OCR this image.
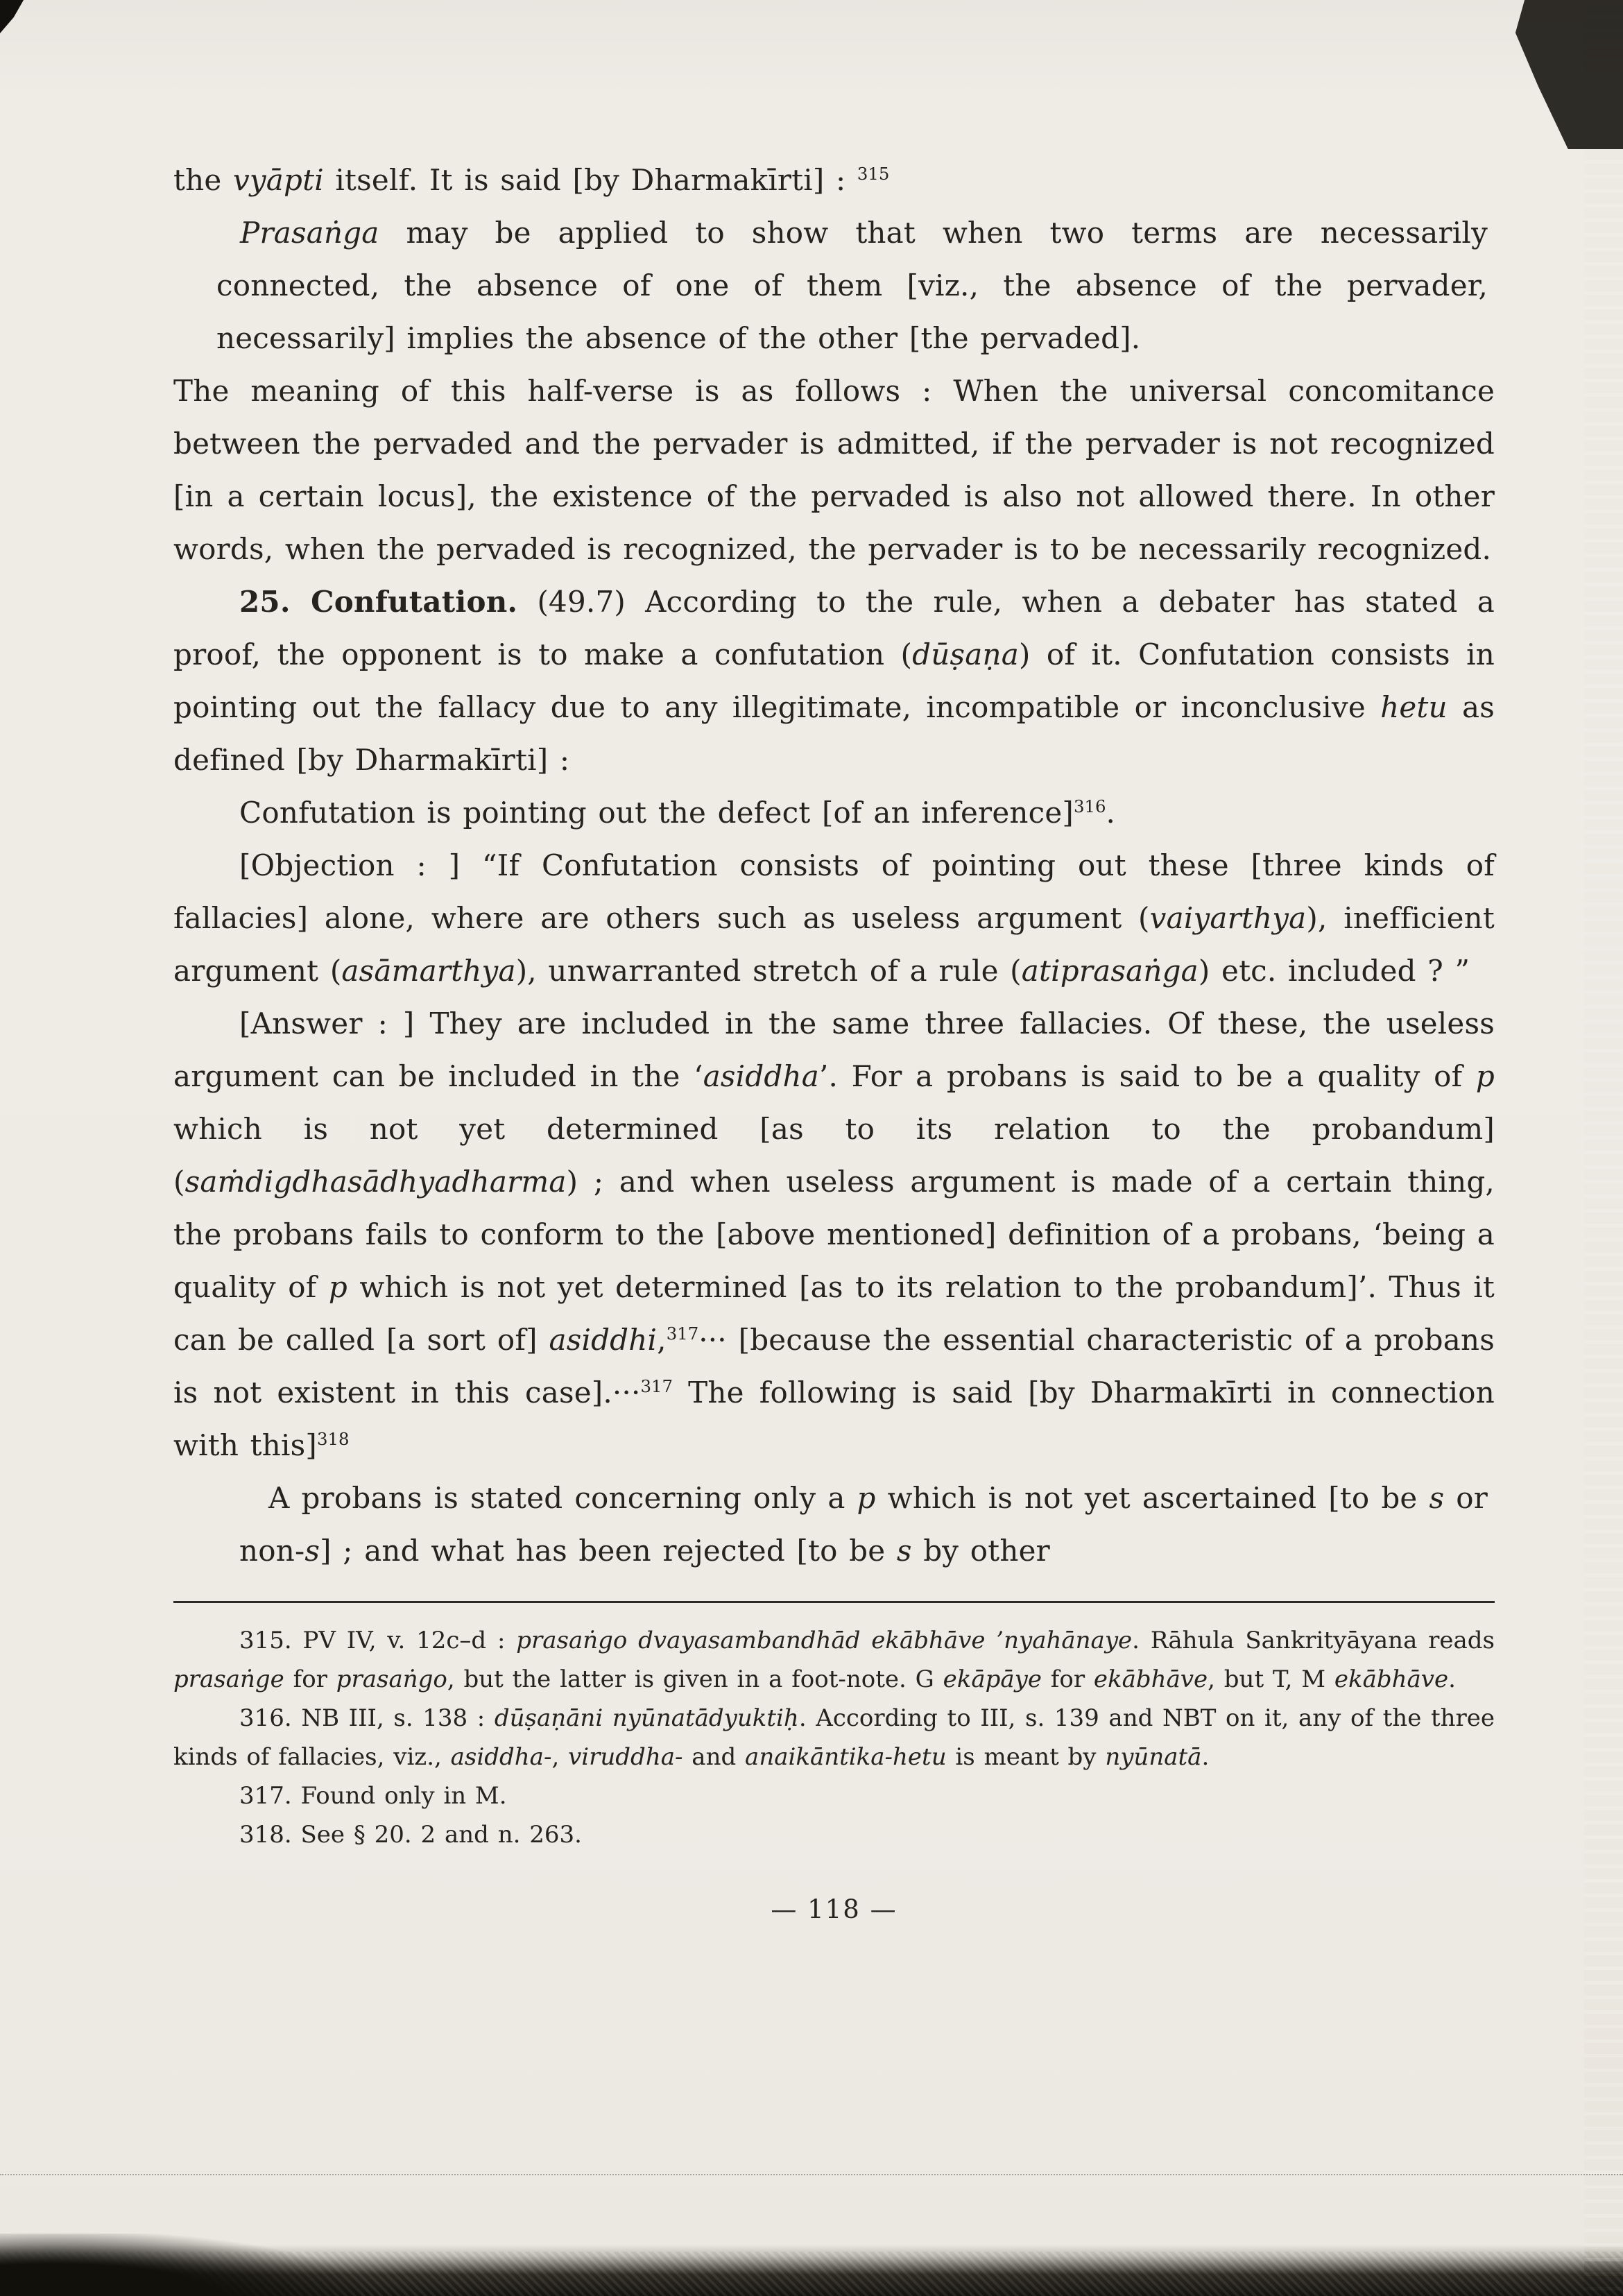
the vyāpti itself. It is said [by Dharmakīrti] : $^{315}$

Prasaṅga may be applied to show that when two terms are necessarily connected, the absence of one of them [viz., the absence of the pervader, necessarily] implies the absence of the other [the pervaded].

The meaning of this half-verse is as follows : When the universal concomitance between the pervaded and the pervader is admitted, if the pervader is not recognized [in a certain locus], the existence of the pervaded is also not allowed there. In other words, when the pervaded is recognized, the pervader is to be necessarily recognized.

25. Confutation. (49.7) According to the rule, when a debater has stated a proof, the opponent is to make a confutation (dūṣaṇa) of it. Confutation consists in pointing out the fallacy due to any illegitimate, incompatible or inconclusive hetu as defined [by Dharmakīrti] :

Confutation is pointing out the defect [of an inference]$^{316}$.

[Objection : ] “If Confutation consists of pointing out these [three kinds of fallacies] alone, where are others such as useless argument (vaiyarthya), inefficient argument (asāmarthya), unwarranted stretch of a rule (atiprasaṅga) etc. included ? ”

[Answer : ] They are included in the same three fallacies. Of these, the useless argument can be included in the ‘asiddha’. For a probans is said to be a quality of p which is not yet determined [as to its relation to the probandum] (saṁdigdhasādhyadharma) ; and when useless argument is made of a certain thing, the probans fails to conform to the [above mentioned] definition of a probans, ‘being a quality of p which is not yet determined [as to its relation to the probandum]’. Thus it can be called [a sort of] asiddhi,$^{317}$··· [because the essential characteristic of a probans is not existent in this case].···$^{317}$ The following is said [by Dharmakīrti in connection with this]$^{318}$

A probans is stated concerning only a p which is not yet ascertained [to be s or non-s] ; and what has been rejected [to be s by other

315. PV IV, v. 12c–d : prasaṅgo dvayasambandhād ekābhāve ’nyahānaye. Rāhula Sankrityāyana reads prasaṅge for prasaṅgo, but the latter is given in a foot-note. G ekāpāye for ekābhāve, but T, M ekābhāve.

316. NB III, s. 138 : dūṣaṇāni nyūnatādyuktiḥ. According to III, s. 139 and NBT on it, any of the three kinds of fallacies, viz., asiddha-, viruddha- and anaikāntika-hetu is meant by nyūnatā.

317. Found only in M.

318. See § 20. 2 and n. 263.

— 118 —
